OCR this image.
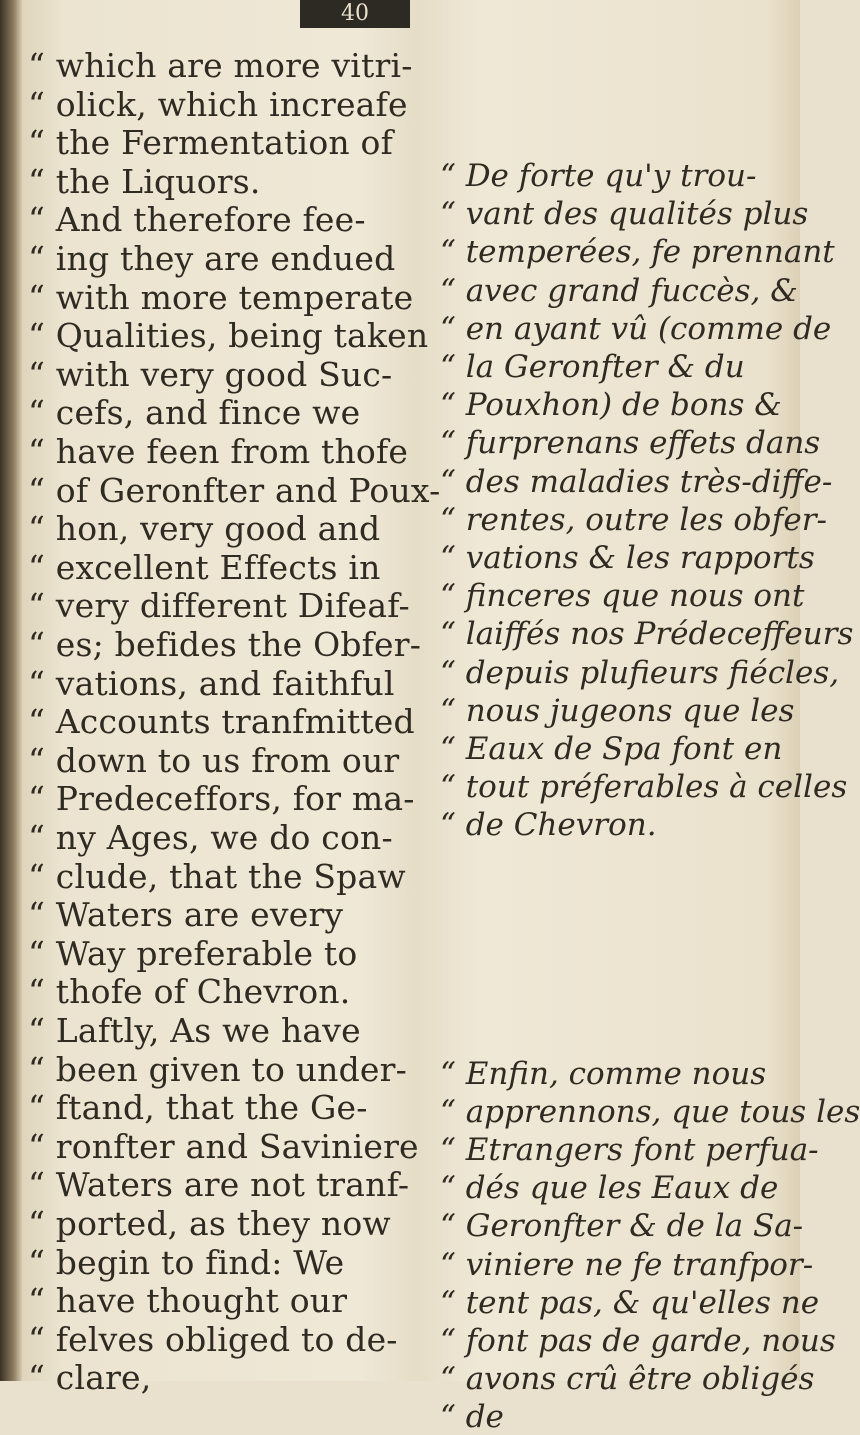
40
“ which are more vitri-
“ olick, which increafe
“ the Fermentation of
“ the Liquors.
“ And therefore fee-
“ ing they are endued
“ with more temperate
“ Qualities, being taken
“ with very good Suc-
“ cefs, and fince we
“ have feen from thofe
“ of Geronfter and Poux-
“ hon, very good and
“ excellent Effects in
“ very different Difeaf-
“ es; befides the Obfer-
“ vations, and faithful
“ Accounts tranfmitted
“ down to us from our
“ Predeceffors, for ma-
“ ny Ages, we do con-
“ clude, that the Spaw
“ Waters are every
“ Way preferable to
“ thofe of Chevron.
“ Laftly, As we have
“ been given to under-
“ ftand, that the Ge-
“ ronfter and Saviniere
“ Waters are not tranf-
“ ported, as they now
“ begin to find: We
“ have thought our
“ felves obliged to de-
“ clare,
“ De forte qu'y trou-
“ vant des qualités plus
“ temperées, fe prennant
“ avec grand fuccès, &
“ en ayant vû (comme de
“ la Geronfter & du
“ Pouxhon) de bons &
“ furprenans effets dans
“ des maladies très-diffe-
“ rentes, outre les obfer-
“ vations & les rapports
“ finceres que nous ont
“ laiffés nos Prédeceffeurs
“ depuis plufieurs fiécles,
“ nous jugeons que les
“ Eaux de Spa font en
“ tout préferables à celles
“ de Chevron.
“ Enfin, comme nous
“ apprennons, que tous les
“ Etrangers font perfua-
“ dés que les Eaux de
“ Geronfter & de la Sa-
“ viniere ne fe tranfpor-
“ tent pas, & qu'elles ne
“ font pas de garde, nous
“ avons crû être obligés
“ de
